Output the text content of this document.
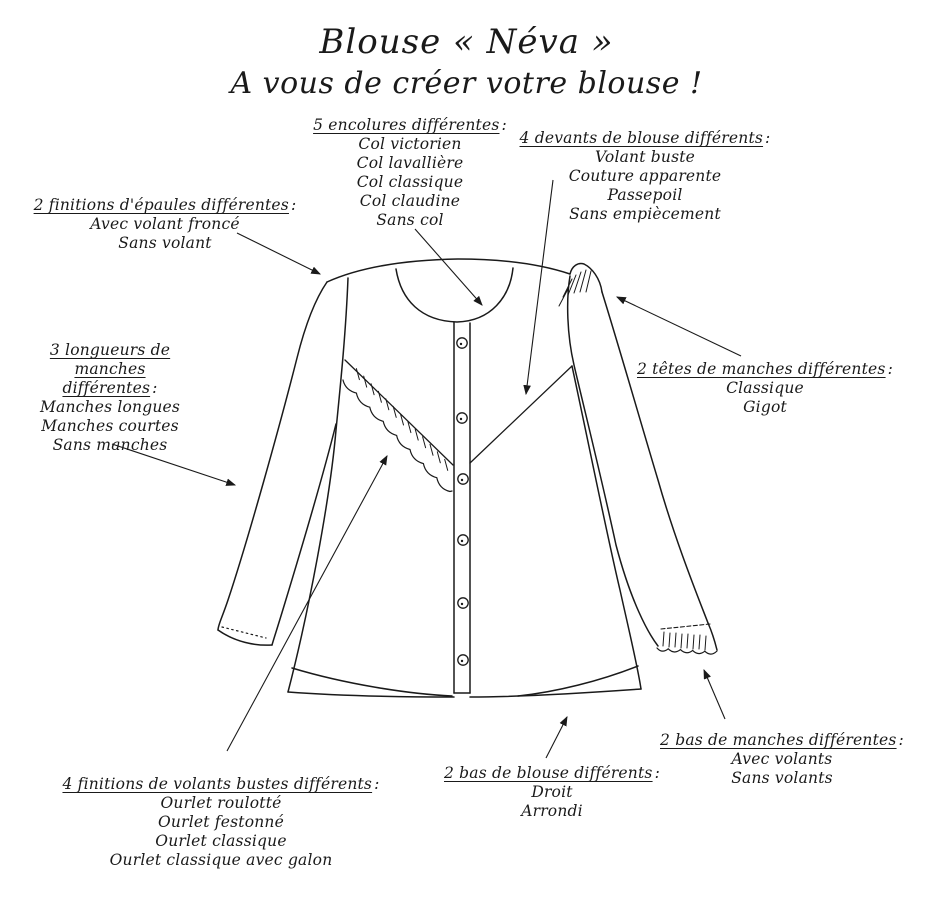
Blouse « Néva »
A vous de créer votre blouse !
5 encolures différentes :
Col victorien
Col lavallière
Col classique
Col claudine
Sans col
4 devants de blouse différents :
Volant buste
Couture apparente
Passepoil
Sans empiècement
2 finitions d'épaules différentes :
Avec volant froncé
Sans volant
3 longueurs de manches différentes :
Manches longues
Manches courtes
Sans manches
2 têtes de manches différentes :
Classique
Gigot
2 bas de manches différentes :
Avec volants
Sans volants
2 bas de blouse différents :
Droit
Arrondi
4 finitions de volants bustes différents :
Ourlet roulotté
Ourlet festonné
Ourlet classique
Ourlet classique avec galon
